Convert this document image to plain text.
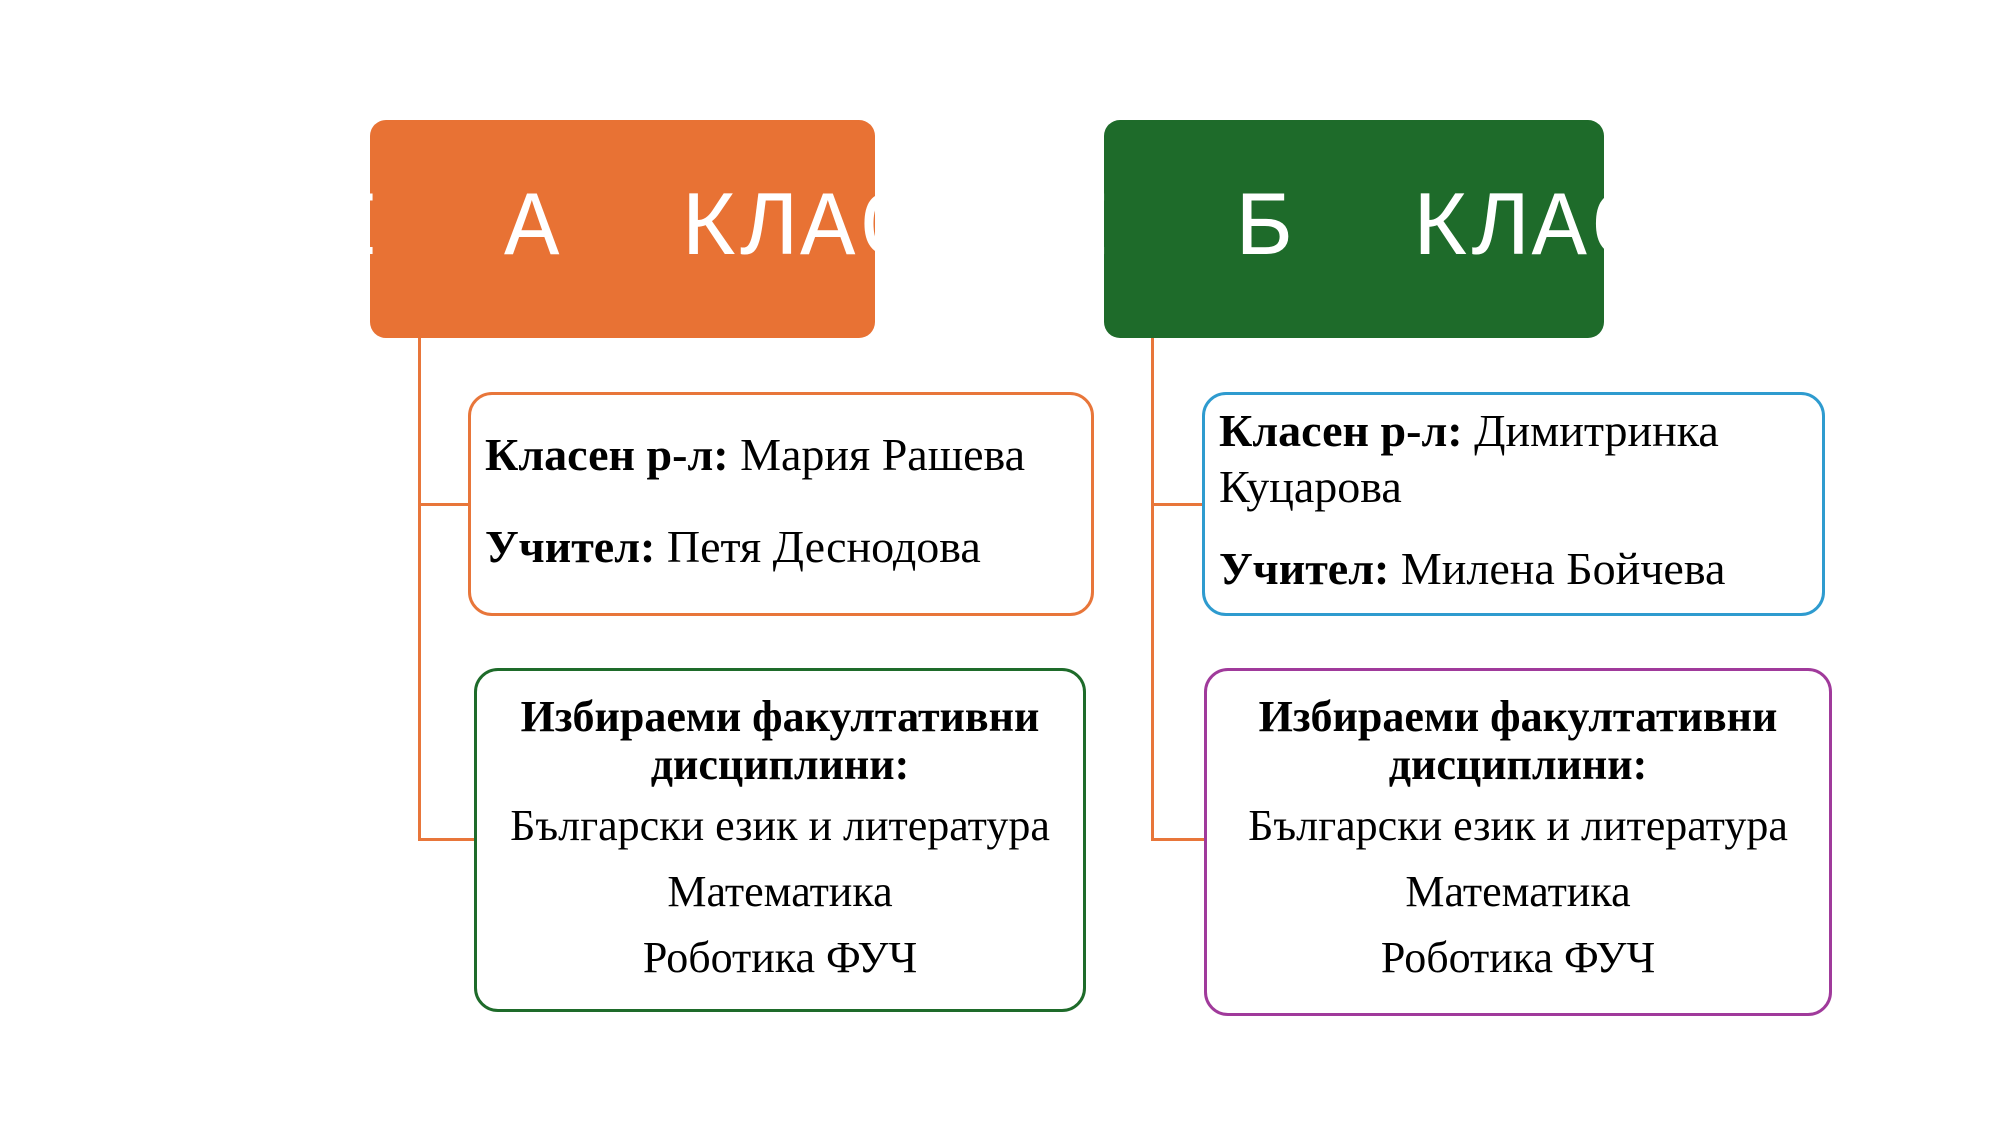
I  А  КЛАС

Класен р-л: Мария Рашева

Учител: Петя Деснодова

Избираеми факултативни дисциплини:
Български език и литература
Математика
Роботика ФУЧ
I  Б  КЛАС

Класен р-л: Димитринка Куцарова

Учител: Милена Бойчева

Избираеми факултативни дисциплини:
Български език и литература
Математика
Роботика ФУЧ
